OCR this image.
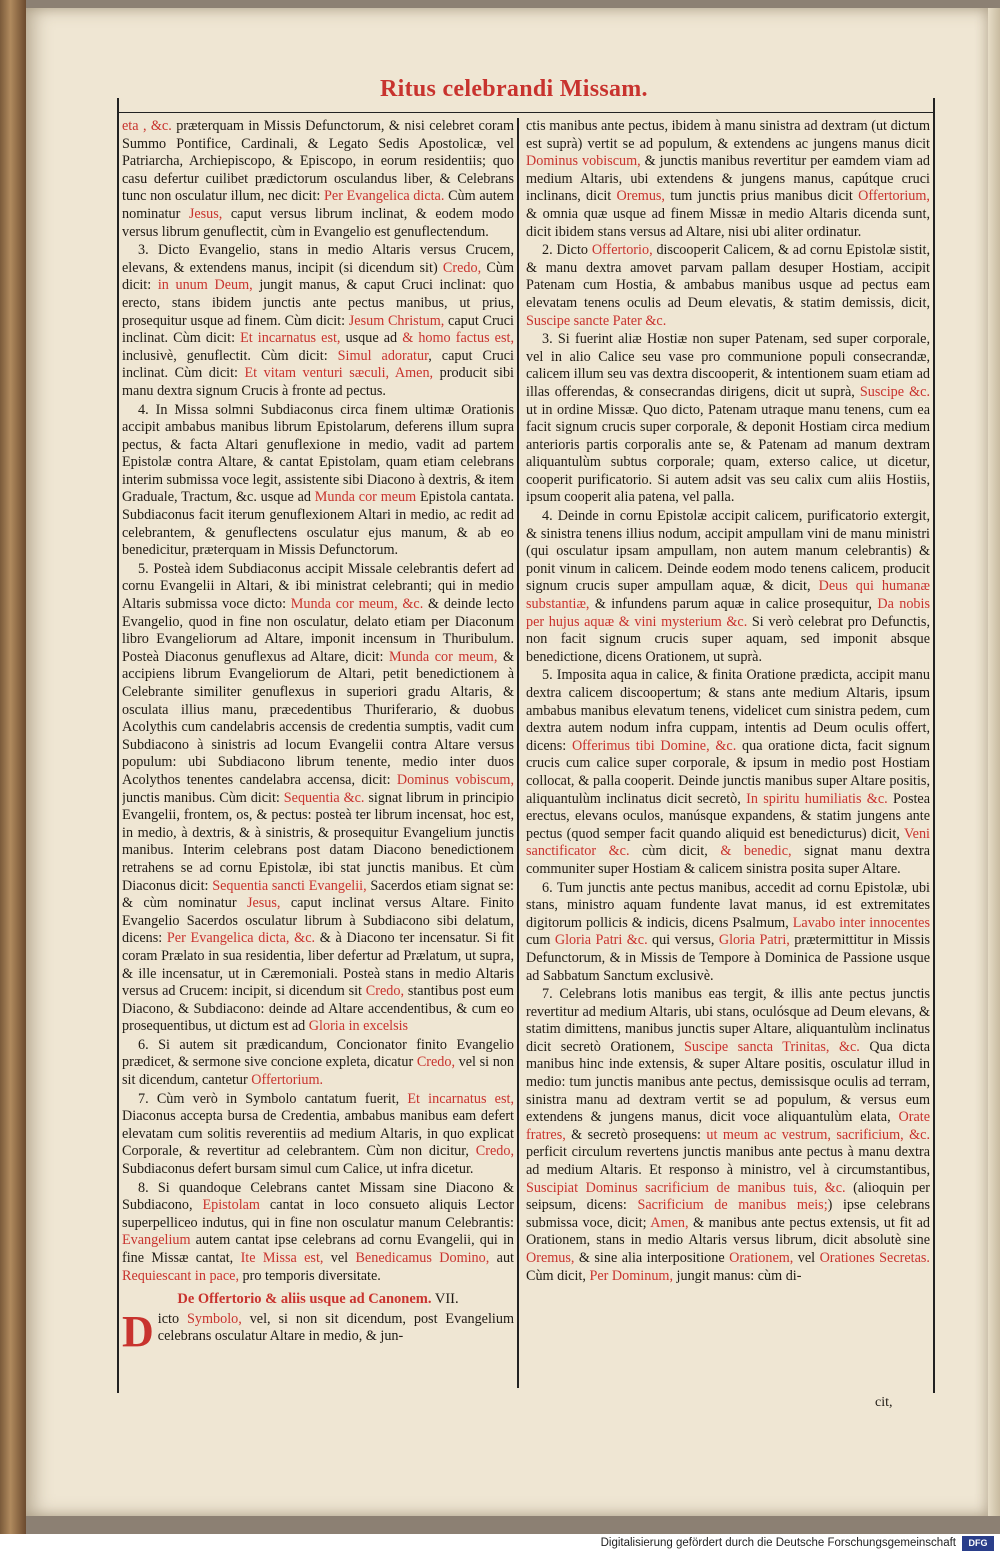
Ritus celebrandi Missam.

eta , &c. præterquam in Missis Defunctorum, & nisi celebret coram Summo Pontifice, Cardinali, & Legato Sedis Apostolicæ, vel Patriarcha, Archiepiscopo, & Episcopo, in eorum residentiis; quo casu defertur cuilibet prædictorum osculandus liber, & Celebrans tunc non osculatur illum, nec dicit: Per Evangelica dicta. Cùm autem nominatur Jesus, caput versus librum inclinat, & eodem modo versus librum genuflectit, cùm in Evangelio est genuflectendum.

3. Dicto Evangelio, stans in medio Altaris versus Crucem, elevans, & extendens manus, incipit (si dicendum sit) Credo, Cùm dicit: in unum Deum, jungit manus, & caput Cruci inclinat: quo erecto, stans ibidem junctis ante pectus manibus, ut prius, prosequitur usque ad finem. Cùm dicit: Jesum Christum, caput Cruci inclinat. Cùm dicit: Et incarnatus est, usque ad & homo factus est, inclusivè, genuflectit. Cùm dicit: Simul adoratur, caput Cruci inclinat. Cùm dicit: Et vitam venturi sæculi, Amen, producit sibi manu dextra signum Crucis à fronte ad pectus.

4. In Missa solmni Subdiaconus circa finem ultimæ Orationis accipit ambabus manibus librum Epistolarum, deferens illum supra pectus, & facta Altari genuflexione in medio, vadit ad partem Epistolæ contra Altare, & cantat Epistolam, quam etiam celebrans interim submissa voce legit, assistente sibi Diacono à dextris, & item Graduale, Tractum, &c. usque ad Munda cor meum Epistola cantata. Subdiaconus facit iterum genuflexionem Altari in medio, ac redit ad celebrantem, & genuflectens osculatur ejus manum, & ab eo benedicitur, præterquam in Missis Defunctorum.

5. Posteà idem Subdiaconus accipit Missale celebrantis defert ad cornu Evangelii in Altari, & ibi ministrat celebranti; qui in medio Altaris submissa voce dicto: Munda cor meum, &c. & deinde lecto Evangelio, quod in fine non osculatur, delato etiam per Diaconum libro Evangeliorum ad Altare, imponit incensum in Thuribulum. Posteà Diaconus genuflexus ad Altare, dicit: Munda cor meum, & accipiens librum Evangeliorum de Altari, petit benedictionem à Celebrante similiter genuflexus in superiori gradu Altaris, & osculata illius manu, præcedentibus Thuriferario, & duobus Acolythis cum candelabris accensis de credentia sumptis, vadit cum Subdiacono à sinistris ad locum Evangelii contra Altare versus populum: ubi Subdiacono librum tenente, medio inter duos Acolythos tenentes candelabra accensa, dicit: Dominus vobiscum, junctis manibus. Cùm dicit: Sequentia &c. signat librum in principio Evangelii, frontem, os, & pectus: posteà ter librum incensat, hoc est, in medio, à dextris, & à sinistris, & prosequitur Evangelium junctis manibus. Interim celebrans post datam Diacono benedictionem retrahens se ad cornu Epistolæ, ibi stat junctis manibus. Et cùm Diaconus dicit: Sequentia sancti Evangelii, Sacerdos etiam signat se: & cùm nominatur Jesus, caput inclinat versus Altare. Finito Evangelio Sacerdos osculatur librum à Subdiacono sibi delatum, dicens: Per Evangelica dicta, &c. & à Diacono ter incensatur. Si fit coram Prælato in sua residentia, liber defertur ad Prælatum, ut supra, & ille incensatur, ut in Cæremoniali. Posteà stans in medio Altaris versus ad Crucem: incipit, si dicendum sit Credo, stantibus post eum Diacono, & Subdiacono: deinde ad Altare accendentibus, & cum eo prosequentibus, ut dictum est ad Gloria in excelsis

6. Si autem sit prædicandum, Concionator finito Evangelio prædicet, & sermone sive concione expleta, dicatur Credo, vel si non sit dicendum, cantetur Offertorium.

7. Cùm verò in Symbolo cantatum fuerit, Et incarnatus est, Diaconus accepta bursa de Credentia, ambabus manibus eam defert elevatam cum solitis reverentiis ad medium Altaris, in quo explicat Corporale, & revertitur ad celebrantem. Cùm non dicitur, Credo, Subdiaconus defert bursam simul cum Calice, ut infra dicetur.

8. Si quandoque Celebrans cantet Missam sine Diacono & Subdiacono, Epistolam cantat in loco consueto aliquis Lector superpelliceo indutus, qui in fine non osculatur manum Celebrantis: Evangelium autem cantat ipse celebrans ad cornu Evangelii, qui in fine Missæ cantat, Ite Missa est, vel Benedicamus Domino, aut Requiescant in pace, pro temporis diversitate.

De Offertorio & aliis usque ad Canonem. VII.

Dicto Symbolo, vel, si non sit dicendum, post Evangelium celebrans osculatur Altare in medio, & jun-

ctis manibus ante pectus, ibidem à manu sinistra ad dextram (ut dictum est suprà) vertit se ad populum, & extendens ac jungens manus dicit Dominus vobiscum, & junctis manibus revertitur per eamdem viam ad medium Altaris, ubi extendens & jungens manus, capútque cruci inclinans, dicit Oremus, tum junctis prius manibus dicit Offertorium, & omnia quæ usque ad finem Missæ in medio Altaris dicenda sunt, dicit ibidem stans versus ad Altare, nisi ubi aliter ordinatur.

2. Dicto Offertorio, discooperit Calicem, & ad cornu Epistolæ sistit, & manu dextra amovet parvam pallam desuper Hostiam, accipit Patenam cum Hostia, & ambabus manibus usque ad pectus eam elevatam tenens oculis ad Deum elevatis, & statim demissis, dicit, Suscipe sancte Pater &c.

3. Si fuerint aliæ Hostiæ non super Patenam, sed super corporale, vel in alio Calice seu vase pro communione populi consecrandæ, calicem illum seu vas dextra discooperit, & intentionem suam etiam ad illas offerendas, & consecrandas dirigens, dicit ut suprà, Suscipe &c. ut in ordine Missæ. Quo dicto, Patenam utraque manu tenens, cum ea facit signum crucis super corporale, & deponit Hostiam circa medium anterioris partis corporalis ante se, & Patenam ad manum dextram aliquantulùm subtus corporale; quam, exterso calice, ut dicetur, cooperit purificatorio. Si autem adsit vas seu calix cum aliis Hostiis, ipsum cooperit alia patena, vel palla.

4. Deinde in cornu Epistolæ accipit calicem, purificatorio extergit, & sinistra tenens illius nodum, accipit ampullam vini de manu ministri (qui osculatur ipsam ampullam, non autem manum celebrantis) & ponit vinum in calicem. Deinde eodem modo tenens calicem, producit signum crucis super ampullam aquæ, & dicit, Deus qui humanæ substantiæ, & infundens parum aquæ in calice prosequitur, Da nobis per hujus aquæ & vini mysterium &c. Si verò celebrat pro Defunctis, non facit signum crucis super aquam, sed imponit absque benedictione, dicens Orationem, ut suprà.

5. Imposita aqua in calice, & finita Oratione prædicta, accipit manu dextra calicem discoopertum; & stans ante medium Altaris, ipsum ambabus manibus elevatum tenens, videlicet cum sinistra pedem, cum dextra autem nodum infra cuppam, intentis ad Deum oculis offert, dicens: Offerimus tibi Domine, &c. qua oratione dicta, facit signum crucis cum calice super corporale, & ipsum in medio post Hostiam collocat, & palla cooperit. Deinde junctis manibus super Altare positis, aliquantulùm inclinatus dicit secretò, In spiritu humiliatis &c. Postea erectus, elevans oculos, manúsque expandens, & statim jungens ante pectus (quod semper facit quando aliquid est benedicturus) dicit, Veni sanctificator &c. cùm dicit, & benedic, signat manu dextra communiter super Hostiam & calicem sinistra posita super Altare.

6. Tum junctis ante pectus manibus, accedit ad cornu Epistolæ, ubi stans, ministro aquam fundente lavat manus, id est extremitates digitorum pollicis & indicis, dicens Psalmum, Lavabo inter innocentes cum Gloria Patri &c. qui versus, Gloria Patri, prætermittitur in Missis Defunctorum, & in Missis de Tempore à Dominica de Passione usque ad Sabbatum Sanctum exclusivè.

7. Celebrans lotis manibus eas tergit, & illis ante pectus junctis revertitur ad medium Altaris, ubi stans, oculósque ad Deum elevans, & statim dimittens, manibus junctis super Altare, aliquantulùm inclinatus dicit secretò Orationem, Suscipe sancta Trinitas, &c. Qua dicta manibus hinc inde extensis, & super Altare positis, osculatur illud in medio: tum junctis manibus ante pectus, demissisque oculis ad terram, sinistra manu ad dextram vertit se ad populum, & versus eum extendens & jungens manus, dicit voce aliquantulùm elata, Orate fratres, & secretò prosequens: ut meum ac vestrum, sacrificium, &c. perficit circulum revertens junctis manibus ante pectus à manu dextra ad medium Altaris. Et responso à ministro, vel à circumstantibus, Suscipiat Dominus sacrificium de manibus tuis, &c. (alioquin per seipsum, dicens: Sacrificium de manibus meis;) ipse celebrans submissa voce, dicit; Amen, & manibus ante pectus extensis, ut fit ad Orationem, stans in medio Altaris versus librum, dicit absolutè sine Oremus, & sine alia interpositione Orationem, vel Orationes Secretas. Cùm dicit, Per Dominum, jungit manus: cùm di-

cit,
Digitalisierung gefördert durch die Deutsche Forschungsgemeinschaft	DFG
